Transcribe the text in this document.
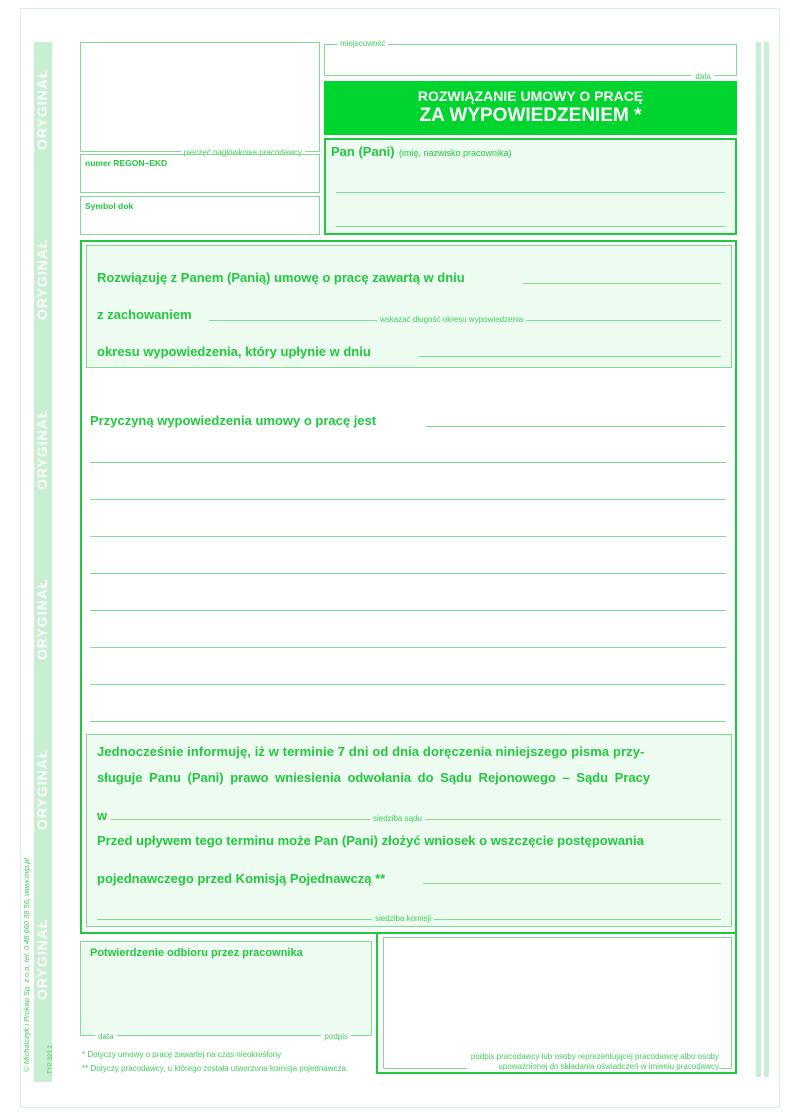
© Michalczyk i Prokop Sp. z o.o. tel. 0 48 660 38 56, www.mip.pl	TYP-323 2
pieczęć nagłówkowa pracodawcy
numer REGON–EKD
Symbol dok
miejscowość
data
ROZWIĄZANIE UMOWY O PRACĘ
ZA WYPOWIEDZENIEM *
Pan (Pani) (imię, nazwisko pracownika)
Rozwiązuję z Panem (Panią) umowę o pracę zawartą w dniu
z zachowaniem	wskazać długość okresu wypowiedzenia
okresu wypowiedzenia, który upłynie w dniu
Przyczyną wypowiedzenia umowy o pracę jest
Jednocześnie informuję, iż w terminie 7 dni od dnia doręczenia niniejszego pisma przy-
sługuje Panu (Pani) prawo wniesienia odwołania do Sądu Rejonowego – Sądu Pracy
w	siedziba sądu
Przed upływem tego terminu może Pan (Pani) złożyć wniosek o wszczęcie postępowania
pojednawczego przed Komisją Pojednawczą **
siedziba komisji
Potwierdzenie odbioru przez pracownika
data	podpis
podpis pracodawcy lub osoby reprezentującej pracodawcę albo osoby
upoważnionej do składania oświadczeń w imieniu pracodawcy
* Dotyczy umowy o pracę zawartej na czas nieokreślony
** Dotyczy pracodawcy, u którego została utworzona komisja pojednawcza.
